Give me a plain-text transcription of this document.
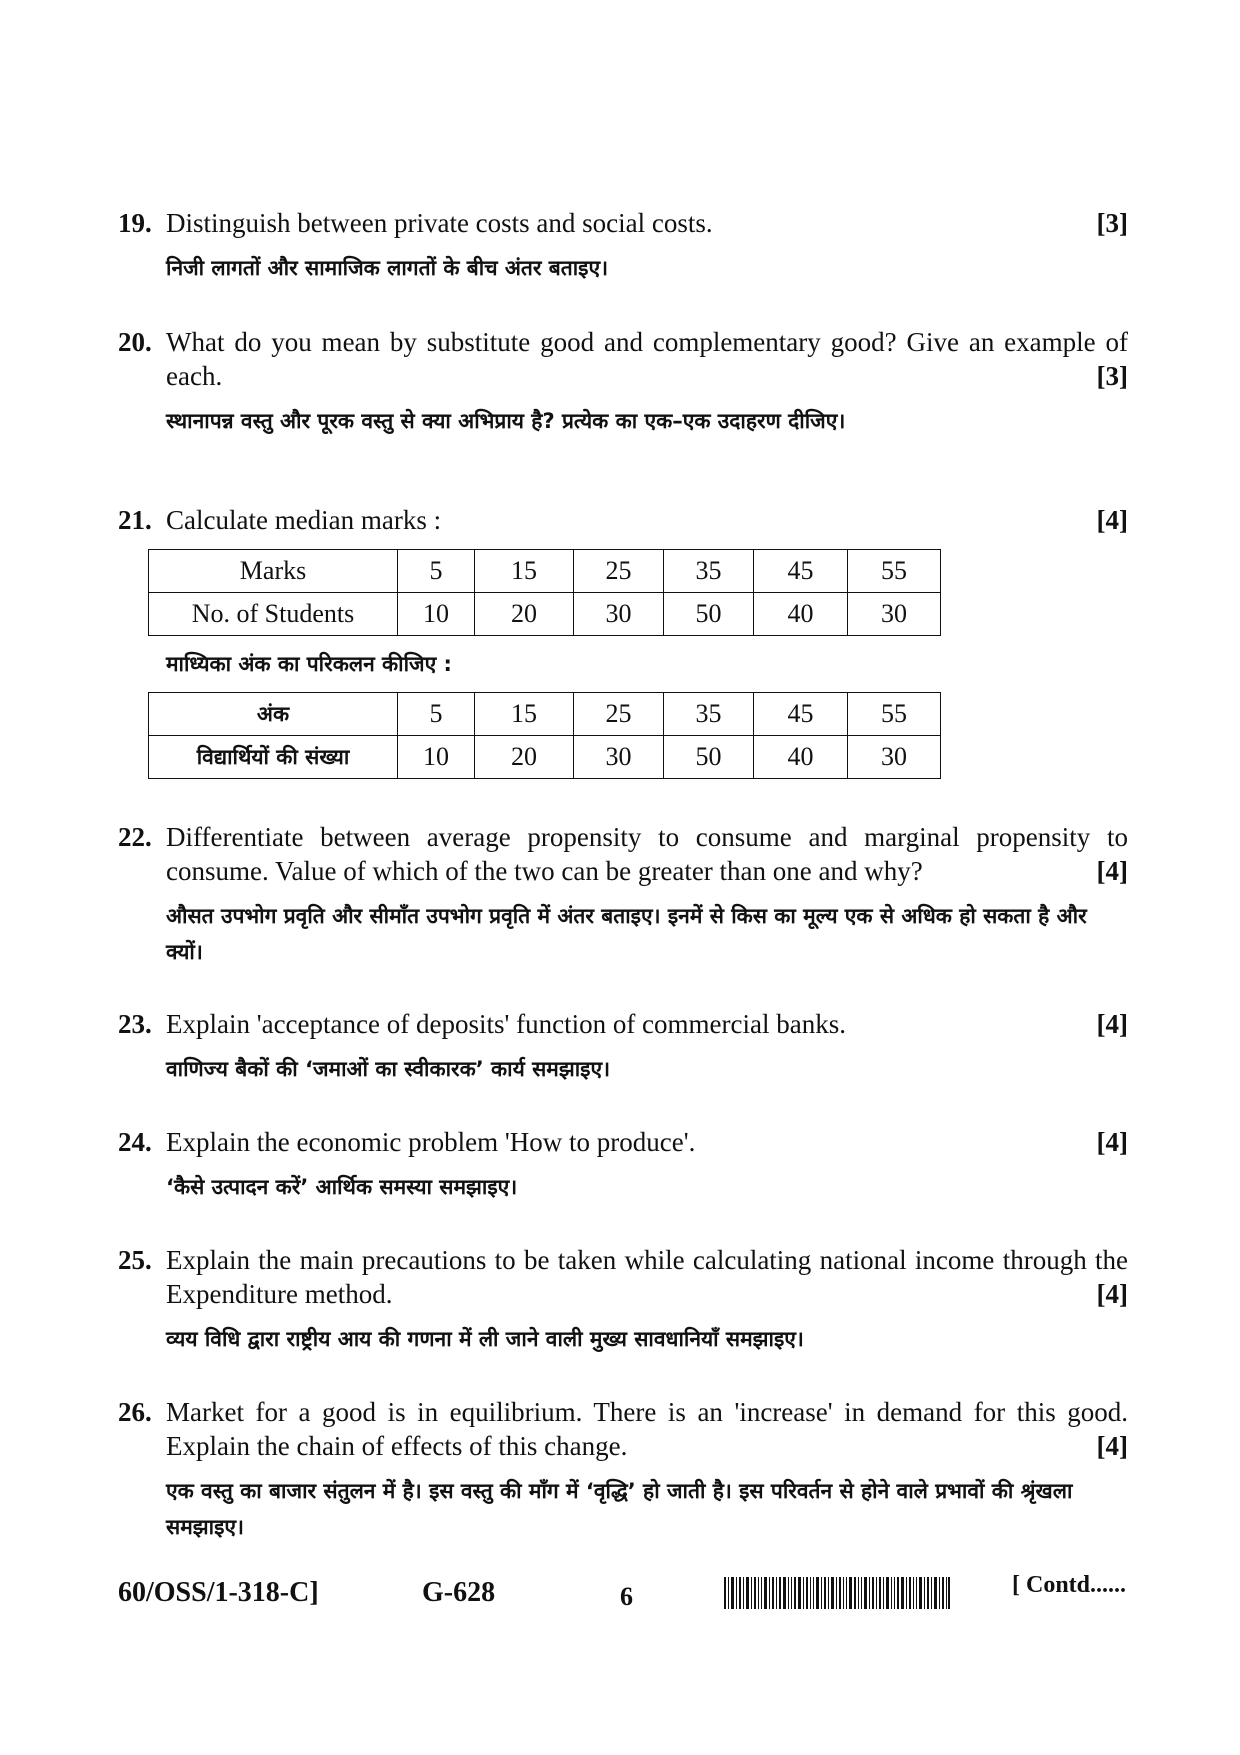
19.	[3]
Distinguish between private costs and social costs.
निजी लागतों और सामाजिक लागतों के बीच अंतर बताइए।
20. What do you mean by substitute good and complementary good? Give an example of each.	[3]
स्थानापन्न वस्तु और पूरक वस्तु से क्या अभिप्राय है? प्रत्येक का एक–एक उदाहरण दीजिए।
21.	[4]
Calculate median marks :
Marks	5	15	25	35	45	55
No. of Students	10	20	30	50	40	30
माध्यिका अंक का परिकलन कीजिए :
अंक	5	15	25	35	45	55
विद्यार्थियों की संख्या	10	20	30	50	40	30
22. Differentiate between average propensity to consume and marginal propensity to consume. Value of which of the two can be greater than one and why?	[4]
औसत उपभोग प्रवृति और सीमाँत उपभोग प्रवृति में अंतर बताइए। इनमें से किस का मूल्य एक से अधिक हो सकता है और क्यों।
23.	[4]
Explain 'acceptance of deposits' function of commercial banks.
वाणिज्य बैकों की ‘जमाओं का स्वीकारक’ कार्य समझाइए।
24.	[4]
Explain the economic problem 'How to produce'.
‘कैसे उत्पादन करें’ आर्थिक समस्या समझाइए।
25. Explain the main precautions to be taken while calculating national income through the Expenditure method.	[4]
व्यय विधि द्वारा राष्ट्रीय आय की गणना में ली जाने वाली मुख्य सावधानियाँ समझाइए।
26. Market for a good is in equilibrium. There is an 'increase' in demand for this good. Explain the chain of effects of this change.	[4]
एक वस्तु का बाजार संतुलन में है। इस वस्तु की माँग में ‘वृद्धि’ हो जाती है। इस परिवर्तन से होने वाले प्रभावों की श्रृंखला समझाइए।
60/OSS/1-318-C]	G-628	6	[ Contd......
